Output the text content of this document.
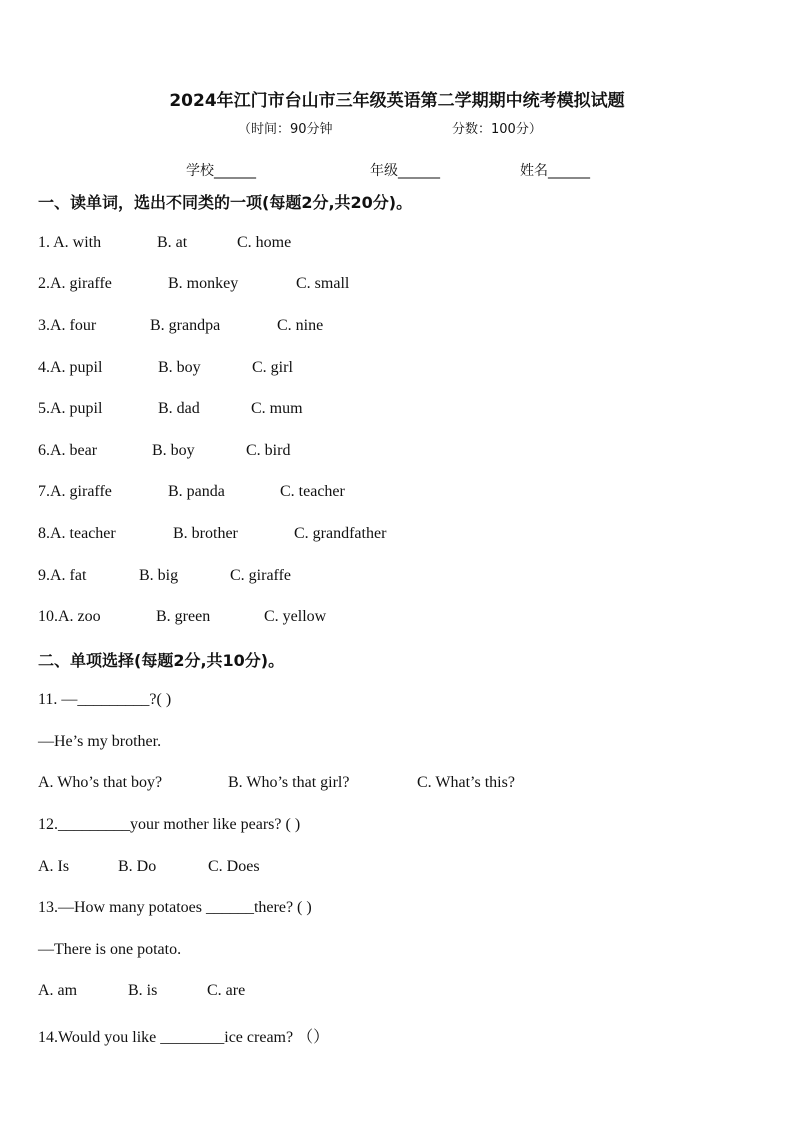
2024年江门市台山市三年级英语第二学期期中统考模拟试题
（时间：90分钟	分数：100分）
学校______	年级______	姓名______
一、读单词，选出不同类的一项(每题2分,共20分)。
1. A. with	B. at	C. home
2.A. giraffe	B. monkey	C. small
3.A. four	B. grandpa	C. nine
4.A. pupil	B. boy	C. girl
5.A. pupil	B. dad	C. mum
6.A. bear	B. boy	C. bird
7.A. giraffe	B. panda	C. teacher
8.A. teacher	B. brother	C. grandfather
9.A. fat	B. big	C. giraffe
10.A. zoo	B. green	C. yellow
二、单项选择(每题2分,共10分)。
11. —_________?( )
—He’s my brother.
A. Who’s that boy?	B. Who’s that girl?	C. What’s this?
12._________your mother like pears? ( )
A. Is	B. Do	C. Does
13.—How many potatoes ______there? ( )
—There is one potato.
A. am	B. is	C. are
14.Would you like ________ice cream? （）
